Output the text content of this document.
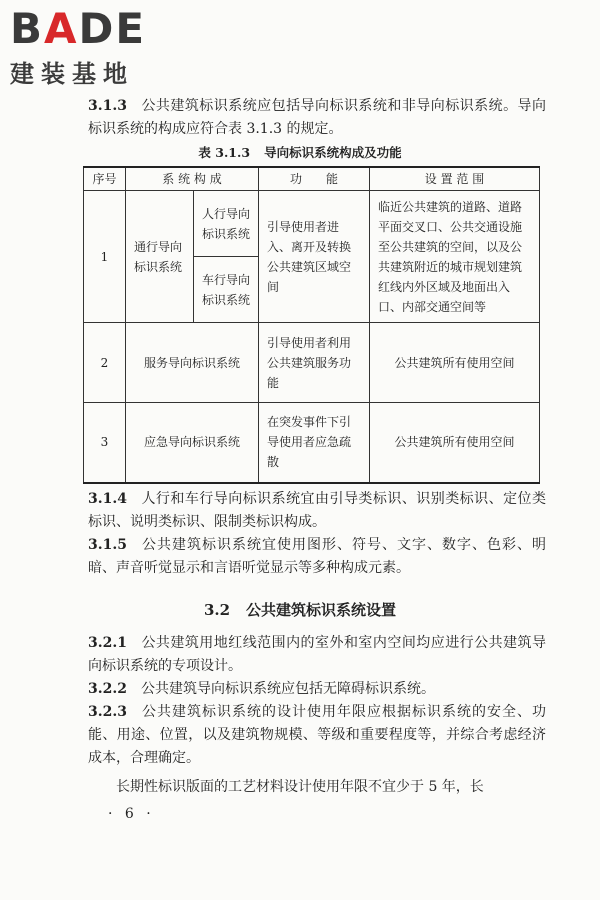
BADE
建装基地

3.1.3 公共建筑标识系统应包括导向标识系统和非导向标识系统。导向标识系统的构成应符合表 3.1.3 的规定。

表 3.1.3 导向标识系统构成及功能
序号	系 统 构 成		功　　能	设 置 范 围
1	通行导向标识系统	人行导向标识系统	引导使用者进入、离开及转换公共建筑区域空间	临近公共建筑的道路、道路平面交叉口、公共交通设施至公共建筑的空间，以及公共建筑附近的城市规划建筑红线内外区域及地面出入口、内部交通空间等
		车行导向标识系统		
2	服务导向标识系统		引导使用者利用公共建筑服务功能	公共建筑所有使用空间
3	应急导向标识系统		在突发事件下引导使用者应急疏散	公共建筑所有使用空间

3.1.4 人行和车行导向标识系统宜由引导类标识、识别类标识、定位类标识、说明类标识、限制类标识构成。

3.1.5 公共建筑标识系统宜使用图形、符号、文字、数字、色彩、明暗、声音听觉显示和言语听觉显示等多种构成元素。

3.2 公共建筑标识系统设置

3.2.1 公共建筑用地红线范围内的室外和室内空间均应进行公共建筑导向标识系统的专项设计。

3.2.2 公共建筑导向标识系统应包括无障碍标识系统。

3.2.3 公共建筑标识系统的设计使用年限应根据标识系统的安全、功能、用途、位置，以及建筑物规模、等级和重要程度等，并综合考虑经济成本，合理确定。

长期性标识版面的工艺材料设计使用年限不宜少于 5 年，长

· 6 ·
